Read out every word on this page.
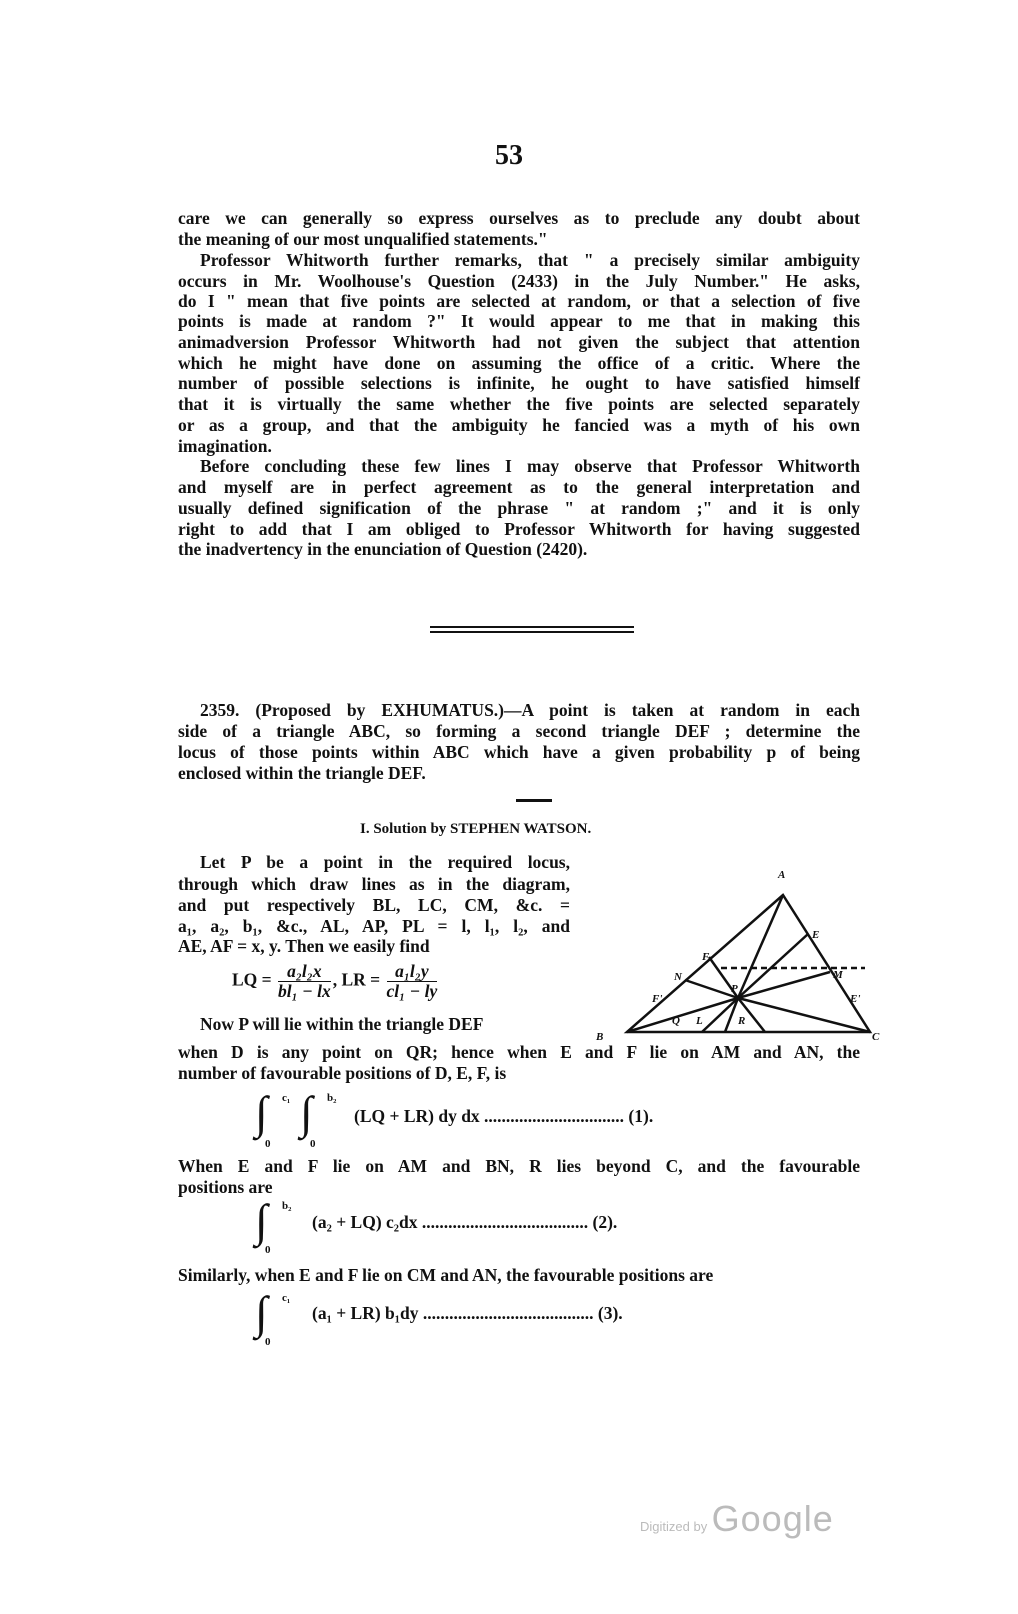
53
care we can generally so express ourselves as to preclude any doubt about
the meaning of our most unqualified statements."
Professor Whitworth further remarks, that " a precisely similar ambiguity
occurs in Mr. Woolhouse's Question (2433) in the July Number." He asks,
do I " mean that five points are selected at random, or that a selection of five
points is made at random ?" It would appear to me that in making this
animadversion Professor Whitworth had not given the subject that attention
which he might have done on assuming the office of a critic. Where the
number of possible selections is infinite, he ought to have satisfied himself
that it is virtually the same whether the five points are selected separately
or as a group, and that the ambiguity he fancied was a myth of his own
imagination.
Before concluding these few lines I may observe that Professor Whitworth
and myself are in perfect agreement as to the general interpretation and
usually defined signification of the phrase " at random ;" and it is only
right to add that I am obliged to Professor Whitworth for having suggested
the inadvertency in the enunciation of Question (2420).
2359. (Proposed by EXHUMATUS.)—A point is taken at random in each
side of a triangle ABC, so forming a second triangle DEF ; determine the
locus of those points within ABC which have a given probability p of being
enclosed within the triangle DEF.
I. Solution by STEPHEN WATSON.
Let P be a point in the required locus,
through which draw lines as in the diagram,
and put respectively BL, LC, CM, &c. =
a₁, a₂, b₁, &c., AL, AP, PL = l, l₁, l₂, and
AE, AF = x, y. Then we easily find
LQ = $\frac{\text{a₂l₂x}}{\text{bl₁ − lx}}$ , LR = $\frac{\text{a₁l₂y}}{\text{cl₁ − ly}}$
Now P will lie within the triangle DEF
A
B	C
E
F
M
N
P
E'
F'
Q L	R
when D is any point on QR; hence when E and F lie on AM and AN, the
number of favourable positions of D, E, F, is
∫ c₁
0
∫ b₂
0
(LQ + LR) dy dx ................................ (1).
When E and F lie on AM and BN, R lies beyond C, and the favourable
positions are
∫ b₂
0
(a₂ + LQ) c₂dx ...................................... (2).
Similarly, when E and F lie on CM and AN, the favourable positions are
∫ c₁
0
(a₁ + LR) b₁dy ....................................... (3).
Digitized by Google
